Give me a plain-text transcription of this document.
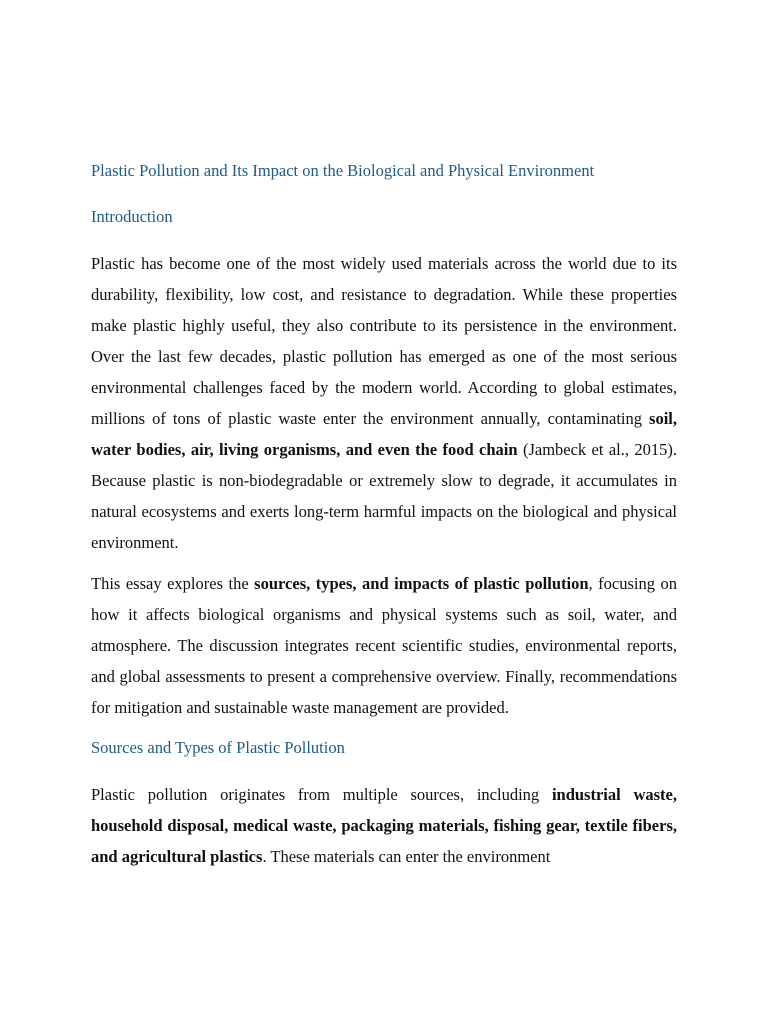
Plastic Pollution and Its Impact on the Biological and Physical Environment
Introduction

Plastic has become one of the most widely used materials across the world due to its durability, flexibility, low cost, and resistance to degradation. While these properties make plastic highly useful, they also contribute to its persistence in the environment. Over the last few decades, plastic pollution has emerged as one of the most serious environmental challenges faced by the modern world. According to global estimates, millions of tons of plastic waste enter the environment annually, contaminating soil, water bodies, air, living organisms, and even the food chain (Jambeck et al., 2015). Because plastic is non-biodegradable or extremely slow to degrade, it accumulates in natural ecosystems and exerts long-term harmful impacts on the biological and physical environment.

This essay explores the sources, types, and impacts of plastic pollution, focusing on how it affects biological organisms and physical systems such as soil, water, and atmosphere. The discussion integrates recent scientific studies, environmental reports, and global assessments to present a comprehensive overview. Finally, recommendations for mitigation and sustainable waste management are provided.

Sources and Types of Plastic Pollution

Plastic pollution originates from multiple sources, including industrial waste, household disposal, medical waste, packaging materials, fishing gear, textile fibers, and agricultural plastics. These materials can enter the environment
